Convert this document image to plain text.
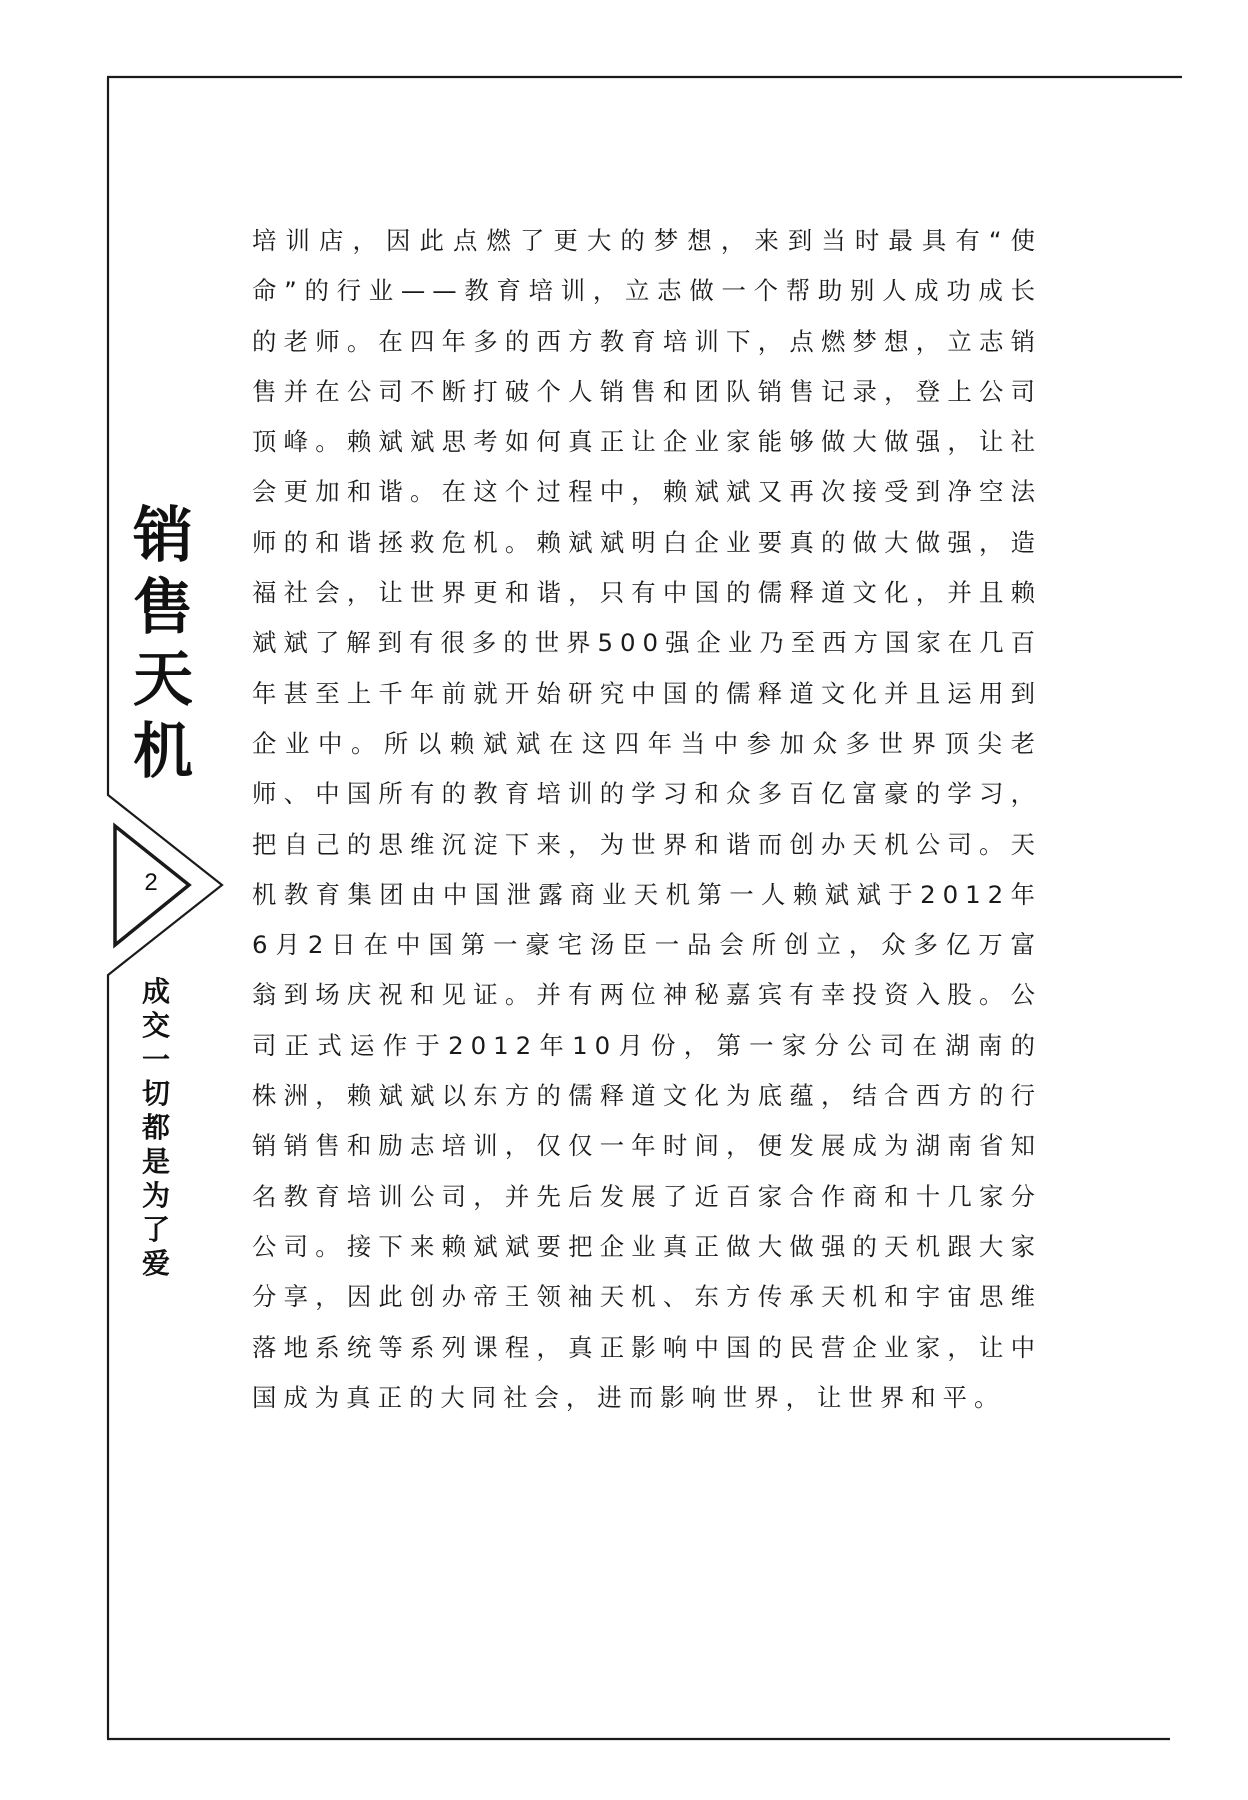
销
售
天
机
2
成
交
一
切
都
是
为
了
爱

培训店，因此点燃了更大的梦想，来到当时最具有“使命”的行业——教育培训，立志做一个帮助别人成功成长的老师。在四年多的西方教育培训下，点燃梦想，立志销售并在公司不断打破个人销售和团队销售记录，登上公司顶峰。赖斌斌思考如何真正让企业家能够做大做强，让社会更加和谐。在这个过程中，赖斌斌又再次接受到净空法师的和谐拯救危机。赖斌斌明白企业要真的做大做强，造福社会，让世界更和谐，只有中国的儒释道文化，并且赖斌斌了解到有很多的世界500强企业乃至西方国家在几百年甚至上千年前就开始研究中国的儒释道文化并且运用到企业中。所以赖斌斌在这四年当中参加众多世界顶尖老师、中国所有的教育培训的学习和众多百亿富豪的学习，把自己的思维沉淀下来，为世界和谐而创办天机公司。天机教育集团由中国泄露商业天机第一人赖斌斌于2012年6月2日在中国第一豪宅汤臣一品会所创立，众多亿万富翁到场庆祝和见证。并有两位神秘嘉宾有幸投资入股。公司正式运作于2012年10月份，第一家分公司在湖南的株洲，赖斌斌以东方的儒释道文化为底蕴，结合西方的行销销售和励志培训，仅仅一年时间，便发展成为湖南省知名教育培训公司，并先后发展了近百家合作商和十几家分公司。接下来赖斌斌要把企业真正做大做强的天机跟大家分享，因此创办帝王领袖天机、东方传承天机和宇宙思维落地系统等系列课程，真正影响中国的民营企业家，让中国成为真正的大同社会，进而影响世界，让世界和平。
